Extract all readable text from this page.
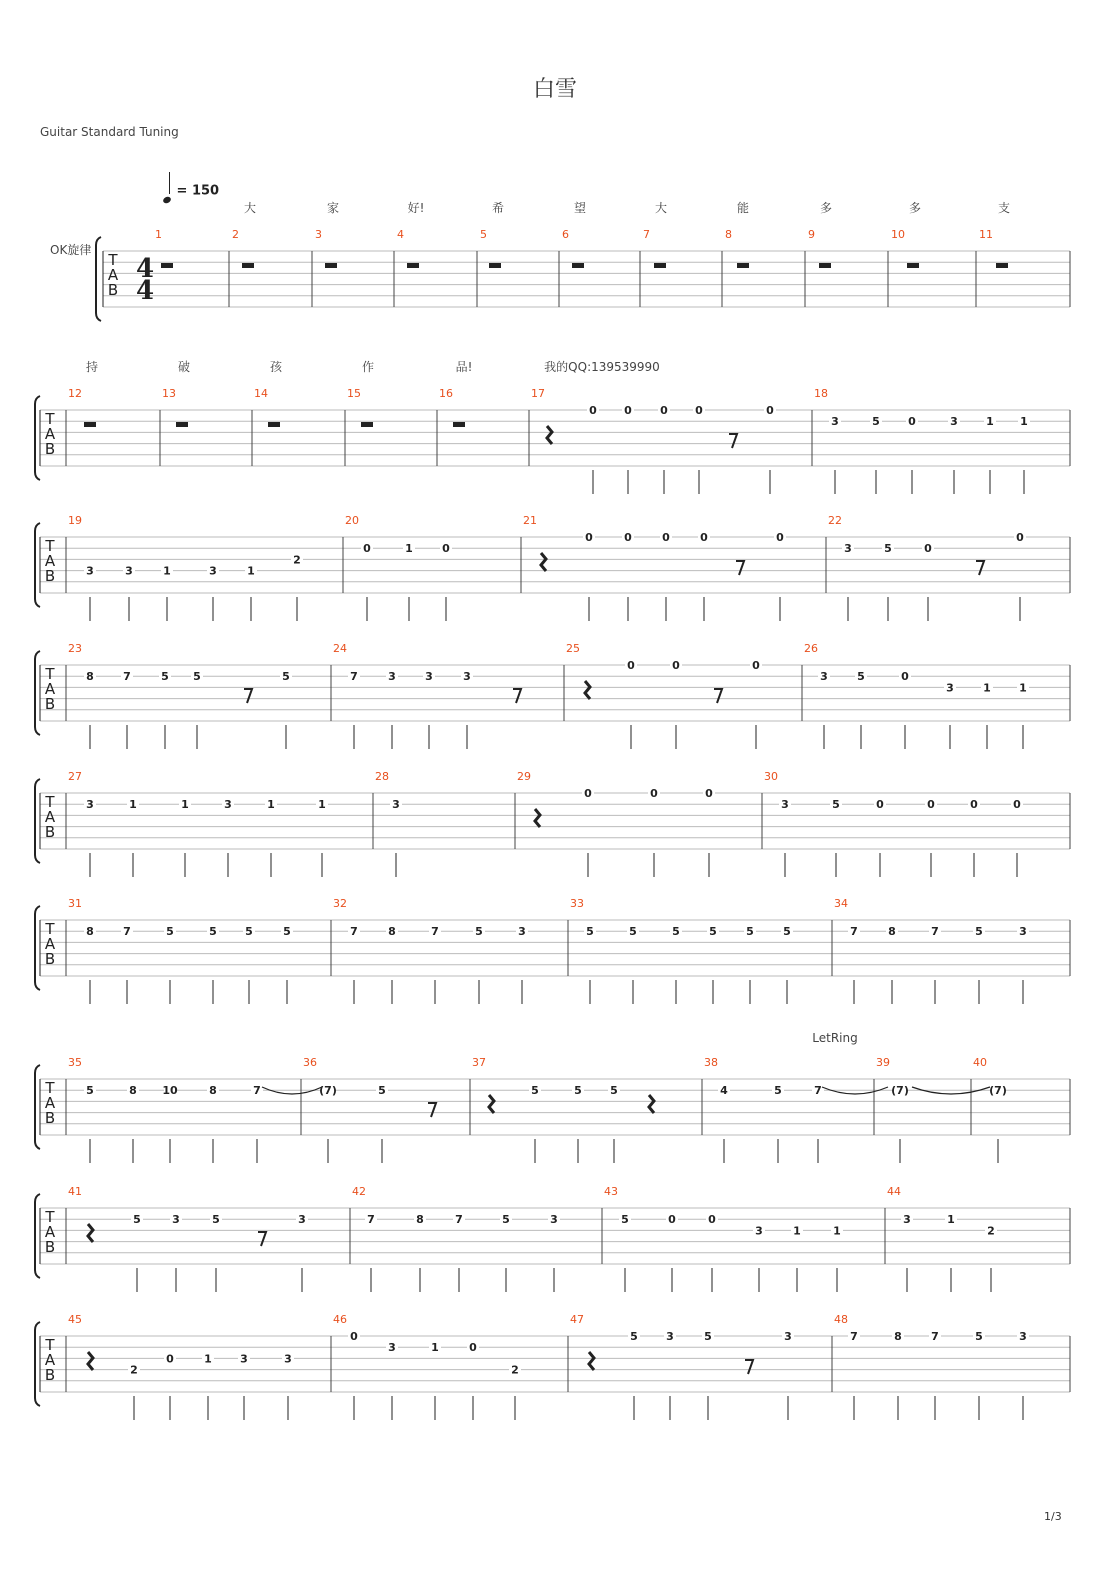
白雪
Guitar Standard Tuning
= 150
OK旋律
1/3
大	家	好!	希	望	大	能	多	多	支
持	破	孩	作	品!	我的QQ:139539990
T
A
B
4
4
1	2	3	4	5	6	7	8	9	10	11
T
A
B
12	13	14	15	16	17
0 0	0 0	0
18
3	5	0	3	1 1
T
A
B
19
3	3	1	3	1
2
20
0	1	0
21
0	0	0	0	0
22
3	5	0
0
T
A
B
23
8	7	5 5	5
24
7	3	3	3
25
0	0	0
26
3	5	0
3	1	1
T
A
B
27
3	1	1	3	1	1
28
3
29
0	0	0
30
3	5	0	0	0	0
T
A
B
31
8	7	5	5	5	5
32
7	8	7	5	3
33
5	5	5	5	5	5
34
7	8	7	5	3
T
A
B
35
5	8 10	8	7
36
(7)	5
37
5	5	5
38
4	5	7
39
(7)
40
(7)
T
A
B
41
5	3	5	3
42
7	8	7	5	3
43
5	0	0
3	1	1
44
3	1
2
T
A
B
45
2
0	1	3	3
46
0
3	1	0
2
47
5	3	5	3
48
7	8	7	5	3
LetRing
